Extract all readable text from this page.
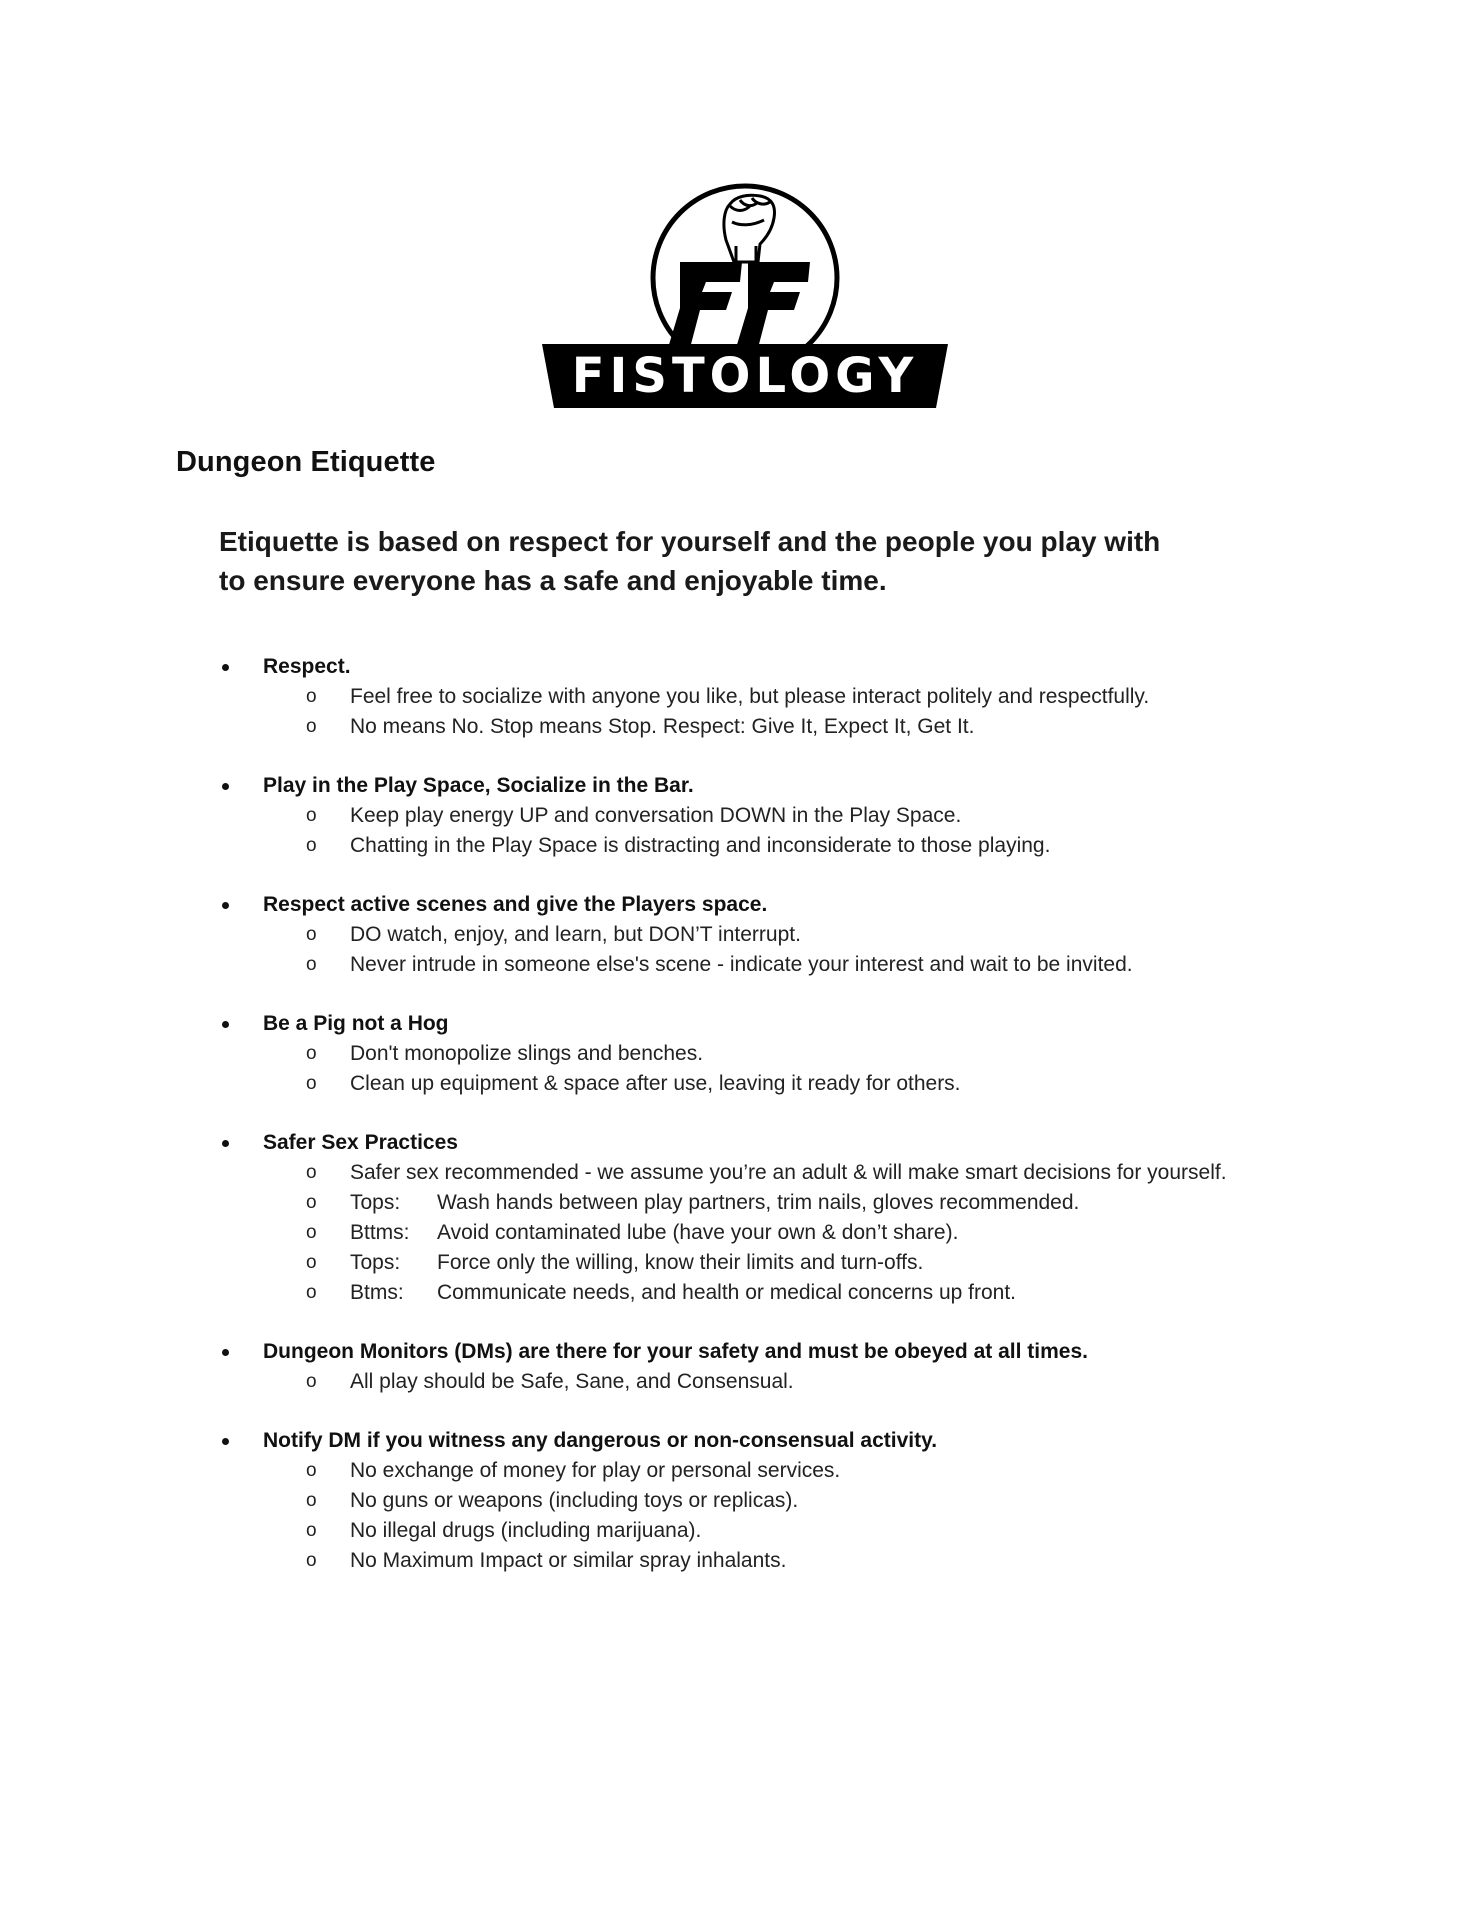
FISTOLOGY
Dungeon Etiquette

Etiquette is based on respect for yourself and the people you play with
to ensure everyone has a safe and enjoyable time.

Respect.
o Feel free to socialize with anyone you like, but please interact politely and respectfully.
o No means No. Stop means Stop. Respect: Give It, Expect It, Get It.
Play in the Play Space, Socialize in the Bar.
o Keep play energy UP and conversation DOWN in the Play Space.
o Chatting in the Play Space is distracting and inconsiderate to those playing.
Respect active scenes and give the Players space.
o DO watch, enjoy, and learn, but DON’T interrupt.
o Never intrude in someone else's scene - indicate your interest and wait to be invited.
Be a Pig not a Hog
o Don't monopolize slings and benches.
o Clean up equipment & space after use, leaving it ready for others.
Safer Sex Practices
o Safer sex recommended - we assume you’re an adult & will make smart decisions for yourself.
o Tops: Wash hands between play partners, trim nails, gloves recommended.
o Bttms: Avoid contaminated lube (have your own & don’t share).
o Tops: Force only the willing, know their limits and turn-offs.
o Btms: Communicate needs, and health or medical concerns up front.
Dungeon Monitors (DMs) are there for your safety and must be obeyed at all times.
o All play should be Safe, Sane, and Consensual.
Notify DM if you witness any dangerous or non-consensual activity.
o No exchange of money for play or personal services.
o No guns or weapons (including toys or replicas).
o No illegal drugs (including marijuana).
o No Maximum Impact or similar spray inhalants.
